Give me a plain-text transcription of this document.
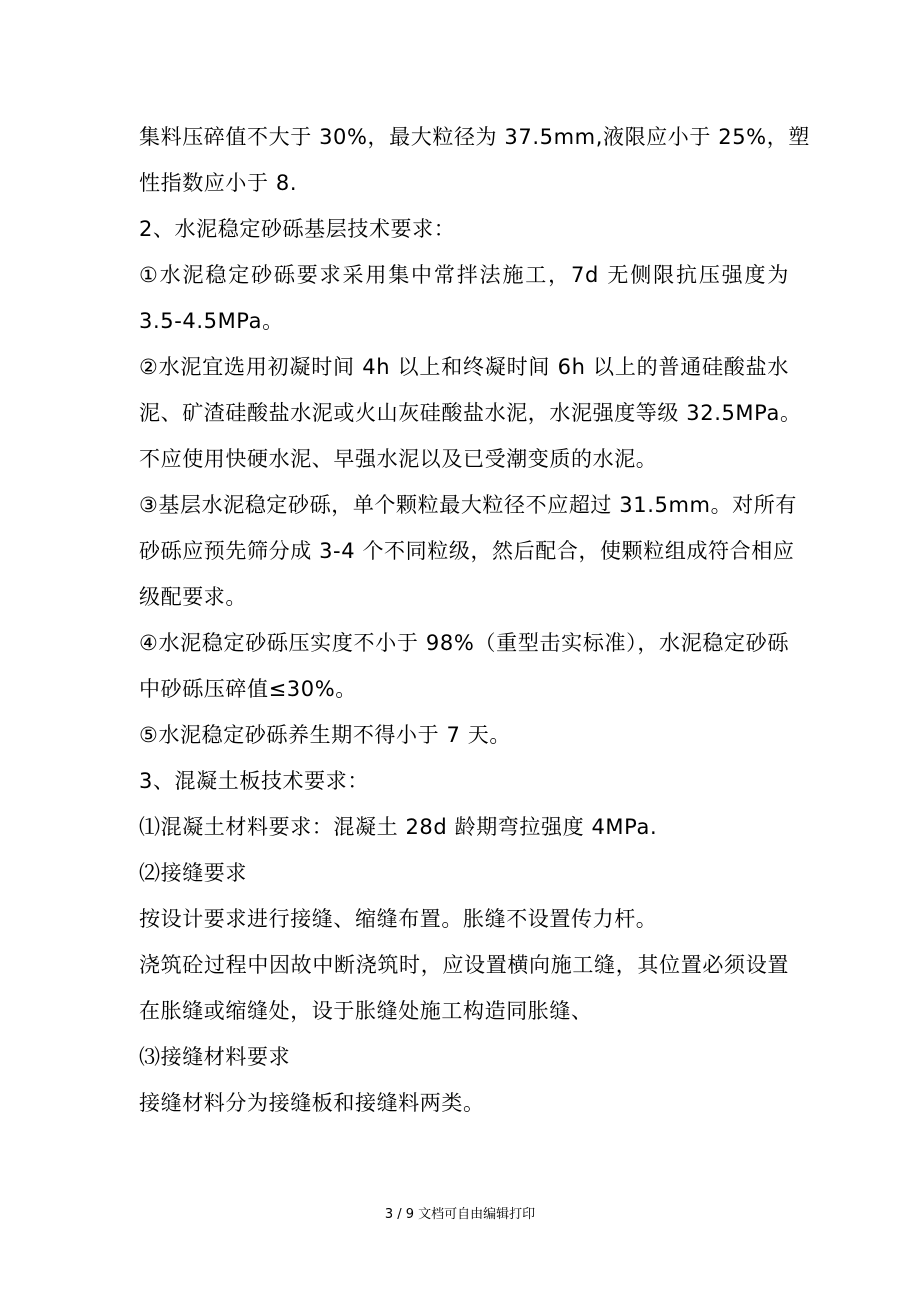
集料压碎值不大于 30%，最大粒径为 37.5mm,液限应小于 25%，塑
性指数应小于 8.
2、水泥稳定砂砾基层技术要求：
①水泥稳定砂砾要求采用集中常拌法施工，7d 无侧限抗压强度为
3.5-4.5MPa。
②水泥宜选用初凝时间 4h 以上和终凝时间 6h 以上的普通硅酸盐水
泥、矿渣硅酸盐水泥或火山灰硅酸盐水泥，水泥强度等级 32.5MPa。
不应使用快硬水泥、早强水泥以及已受潮变质的水泥。
③基层水泥稳定砂砾，单个颗粒最大粒径不应超过 31.5mm。对所有
砂砾应预先筛分成 3-4 个不同粒级，然后配合，使颗粒组成符合相应
级配要求。
④水泥稳定砂砾压实度不小于 98%（重型击实标准），水泥稳定砂砾
中砂砾压碎值≤30%。
⑤水泥稳定砂砾养生期不得小于 7 天。
3、混凝土板技术要求：
⑴混凝土材料要求：混凝土 28d 龄期弯拉强度 4MPa.
⑵接缝要求
按设计要求进行接缝、缩缝布置。胀缝不设置传力杆。
浇筑砼过程中因故中断浇筑时，应设置横向施工缝，其位置必须设置
在胀缝或缩缝处，设于胀缝处施工构造同胀缝、
⑶接缝材料要求
接缝材料分为接缝板和接缝料两类。
3 / 9 文档可自由编辑打印
